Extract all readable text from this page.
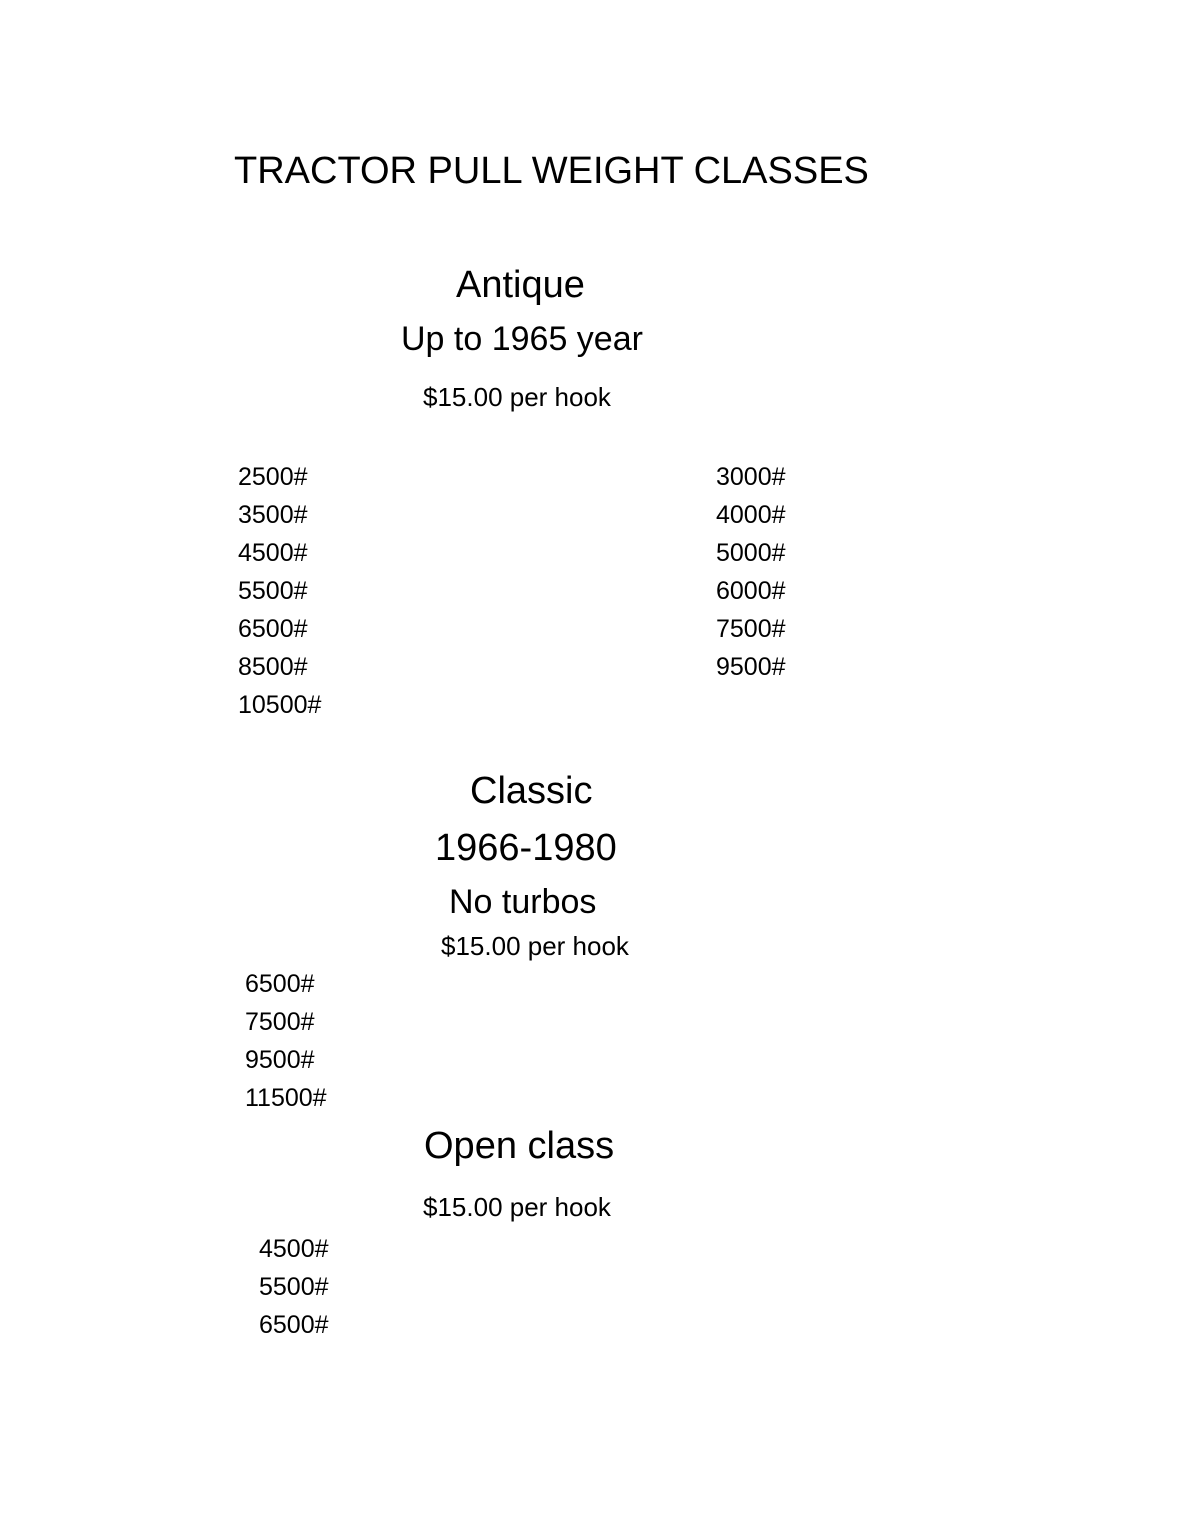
TRACTOR PULL WEIGHT CLASSES
Antique
Up to 1965 year
$15.00 per hook
2500#
3500#
4500#
5500#
6500#
8500#
10500#
3000#
4000#
5000#
6000#
7500#
9500#
Classic
1966-1980
No turbos
$15.00 per hook
6500#
7500#
9500#
11500#
Open class
$15.00 per hook
4500#
5500#
6500#
